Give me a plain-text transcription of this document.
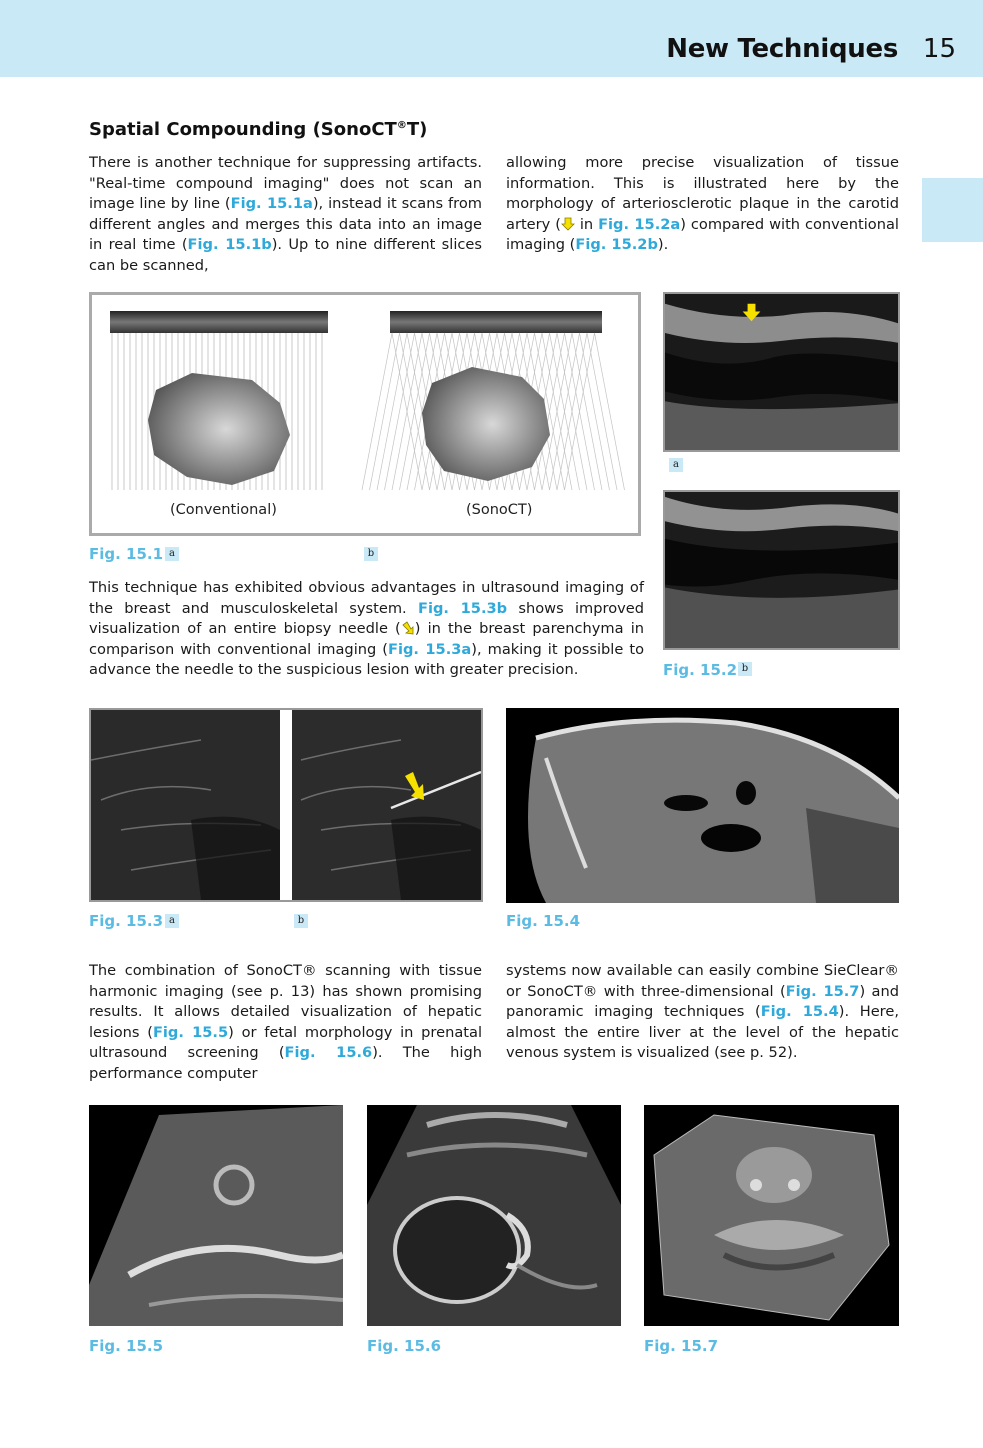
New Techniques 15
Spatial Compounding (SonoCT®T)
There is another technique for suppressing artifacts. "Real-time compound imaging" does not scan an image line by line (Fig. 15.1a), instead it scans from different angles and merges this data into an image in real time (Fig. 15.1b). Up to nine different slices can be scanned,
allowing more precise visualization of tissue information. This is illustrated here by the morphology of arteriosclerotic plaque in the carotid artery ( in Fig. 15.2a) compared with conventional imaging (Fig. 15.2b).
(Conventional)	(SonoCT)
Fig. 15.1 a	b
a
Fig. 15.2 b
This technique has exhibited obvious advantages in ultrasound imaging of the breast and musculoskeletal system. Fig. 15.3b shows improved visualization of an entire biopsy needle ( ) in the breast parenchyma in comparison with conventional imaging (Fig. 15.3a), making it possible to advance the needle to the suspicious lesion with greater precision.
Fig. 15.3 a	b	Fig. 15.4
The combination of SonoCT® scanning with tissue harmonic imaging (see p. 13) has shown promising results. It allows detailed visualization of hepatic lesions (Fig. 15.5) or fetal morphology in prenatal ultrasound screening (Fig. 15.6). The high performance computer
systems now available can easily combine SieClear® or SonoCT® with three-dimensional (Fig. 15.7) and panoramic imaging techniques (Fig. 15.4). Here, almost the entire liver at the level of the hepatic venous system is visualized (see p. 52).
Fig. 15.5	Fig. 15.6	Fig. 15.7
